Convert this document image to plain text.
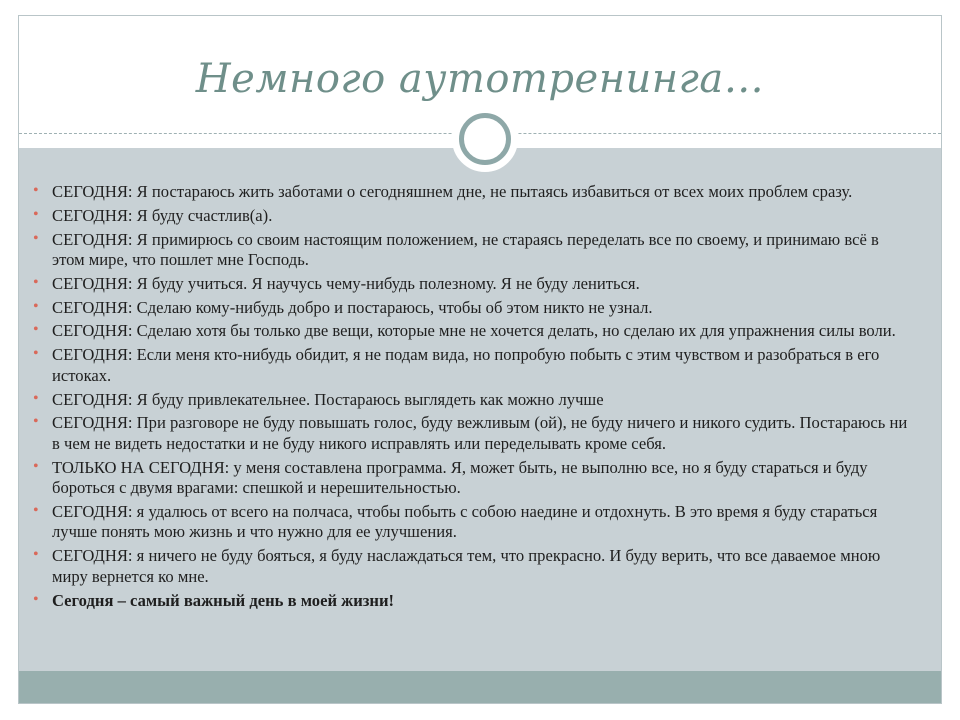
Немного аутотренинга…
• СЕГОДНЯ: Я постараюсь жить заботами о сегодняшнем дне, не пытаясь избавиться от всех моих проблем сразу.
• СЕГОДНЯ: Я буду счастлив(а).
• СЕГОДНЯ: Я примирюсь со своим настоящим положением, не стараясь переделать все по своему, и принимаю всё в этом мире, что пошлет мне Господь.
• СЕГОДНЯ: Я буду учиться. Я научусь чему-нибудь полезному. Я не буду лениться.
• СЕГОДНЯ: Сделаю кому-нибудь добро и постараюсь, чтобы об этом никто не узнал.
• СЕГОДНЯ: Сделаю хотя бы только две вещи, которые мне не хочется делать, но сделаю их для упражнения силы воли.
• СЕГОДНЯ: Если меня кто-нибудь обидит, я не подам вида, но попробую побыть с этим чувством и разобраться в его истоках.
• СЕГОДНЯ: Я буду привлекательнее. Постараюсь выглядеть как можно лучше
• СЕГОДНЯ: При разговоре не буду повышать голос, буду вежливым (ой), не буду ничего и никого судить. Постараюсь ни в чем не видеть недостатки и не буду никого исправлять или переделывать кроме себя.
• ТОЛЬКО НА СЕГОДНЯ: у меня составлена программа. Я, может быть, не выполню все, но я буду стараться и буду бороться с двумя врагами: спешкой и нерешительностью.
• СЕГОДНЯ: я удалюсь от всего на полчаса, чтобы побыть с собою наедине и отдохнуть. В это время я буду стараться лучше понять мою жизнь и что нужно для ее улучшения.
• СЕГОДНЯ: я ничего не буду бояться, я буду наслаждаться тем, что прекрасно. И буду верить, что все даваемое мною миру вернется ко мне.
• Сегодня – самый важный день в моей жизни!
